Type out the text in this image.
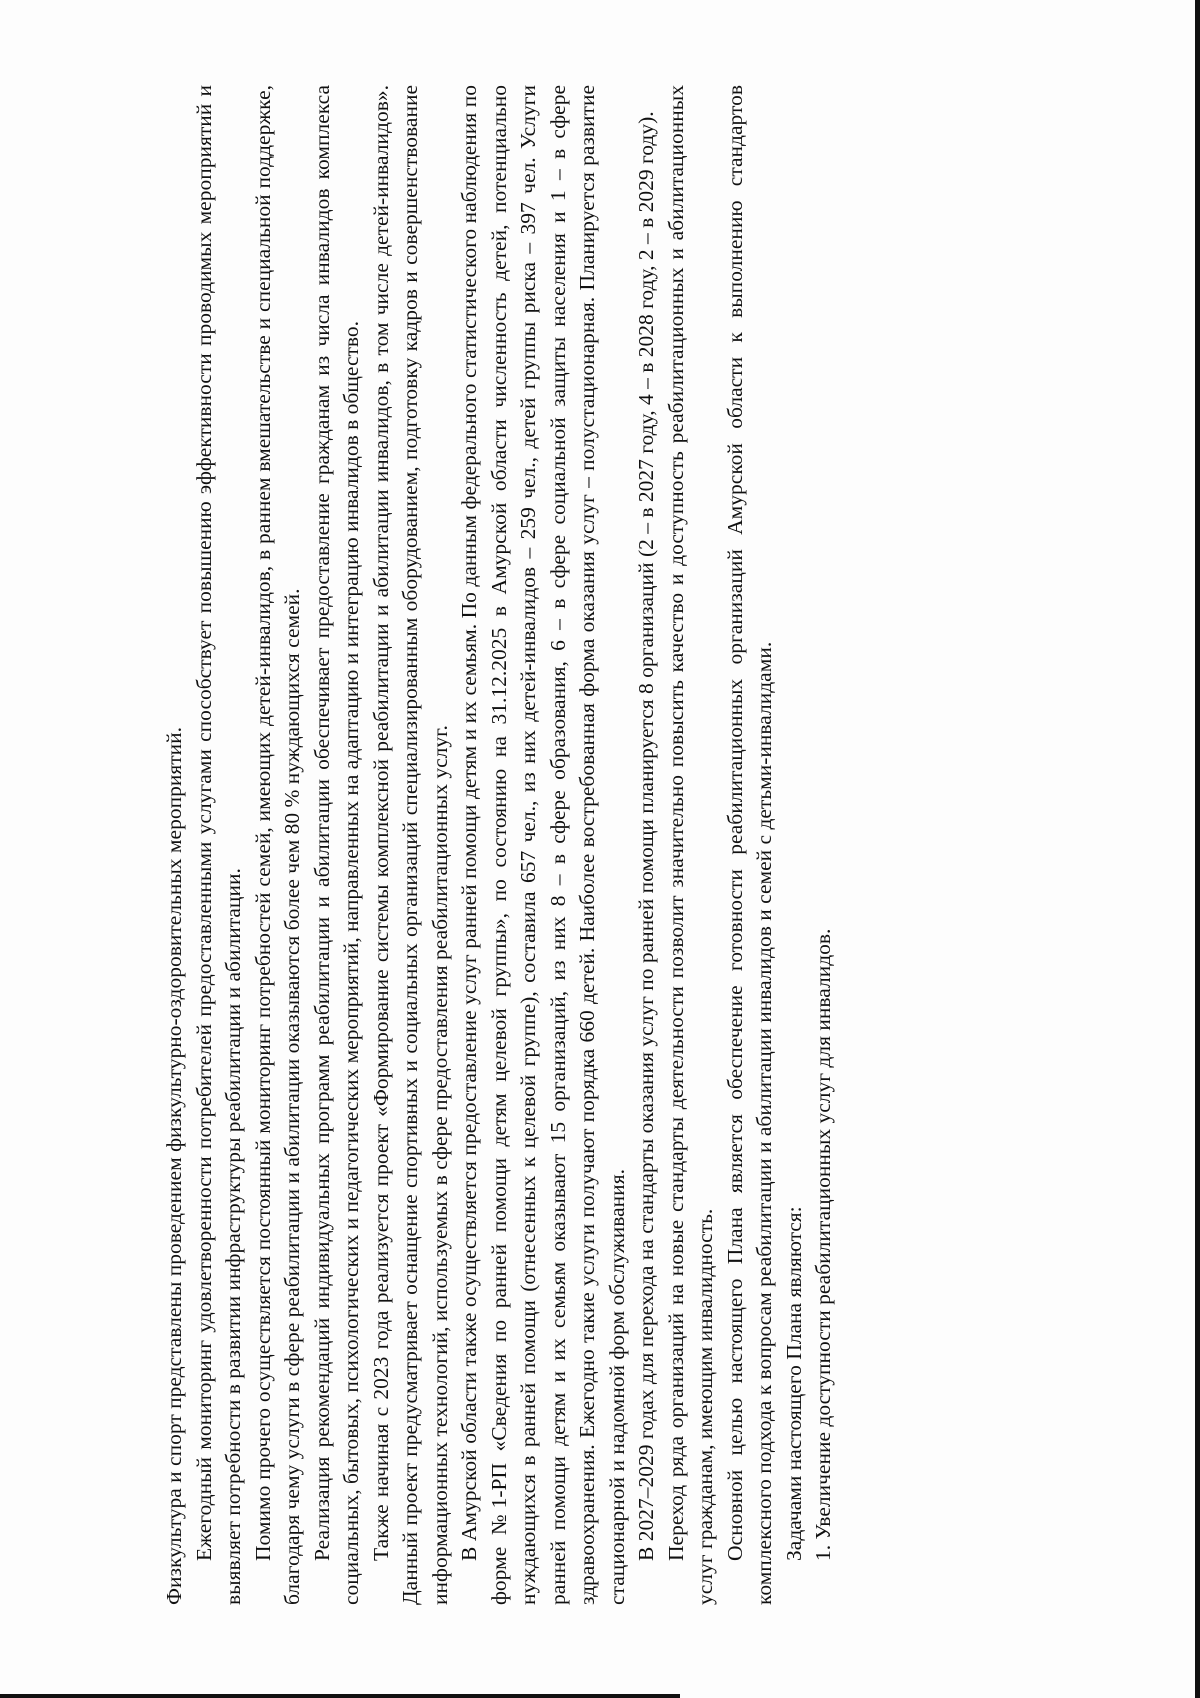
Физкультура и спорт представлены проведением физкультурно-оздоровительных мероприятий. Ежегодный мониторинг удовлетворенности потребителей предоставленными услугами способствует повышению эффективности проводимых мероприятий и выявляет потребности в развитии инфраструктуры реабилитации и абилитации. Помимо прочего осуществляется постоянный мониторинг потребностей семей, имеющих детей-инвалидов, в раннем вмешательстве и специальной поддержке, благодаря чему услуги в сфере реабилитации и абилитации оказываются более чем 80 % нуждающихся семей. Реализация рекомендаций индивидуальных программ реабилитации и абилитации обеспечивает предоставление гражданам из числа инвалидов комплекса социальных, бытовых, психологических и педагогических мероприятий, направленных на адаптацию и интеграцию инвалидов в общество. Также начиная с 2023 года реализуется проект «Формирование системы комплексной реабилитации и абилитации инвалидов, в том числе детей-инвалидов». Данный проект предусматривает оснащение спортивных и социальных организаций специализированным оборудованием, подготовку кадров и совершенствование информационных технологий, используемых в сфере предоставления реабилитационных услуг. В Амурской области также осуществляется предоставление услуг ранней помощи детям и их семьям. По данным федерального статистического наблюдения по форме №1-РП «Сведения по ранней помощи детям целевой группы», по состоянию на 31.12.2025 в Амурской области численность детей, потенциально нуждающихся в ранней помощи (отнесенных к целевой группе), составила 657 чел., из них детей-инвалидов – 259 чел., детей группы риска – 397 чел. Услуги ранней помощи детям и их семьям оказывают 15 организаций, из них 8 – в сфере образования, 6 – в сфере социальной защиты населения и 1 – в сфере здравоохранения. Ежегодно такие услуги получают порядка 660 детей. Наиболее востребованная форма оказания услуг – полустационарная. Планируется развитие стационарной и надомной форм обслуживания. В 2027–2029 годах для перехода на стандарты оказания услуг по ранней помощи планируется 8 организаций (2 – в 2027 году, 4 – в 2028 году, 2 – в 2029 году). Переход ряда организаций на новые стандарты деятельности позволит значительно повысить качество и доступность реабилитационных и абилитационных услуг гражданам, имеющим инвалидность. Основной целью настоящего Плана является обеспечение готовности реабилитационных организаций Амурской области к выполнению стандартов комплексного подхода к вопросам реабилитации и абилитации инвалидов и семей с детьми-инвалидами. Задачами настоящего Плана являются: 1. Увеличение доступности реабилитационных услуг для инвалидов.
